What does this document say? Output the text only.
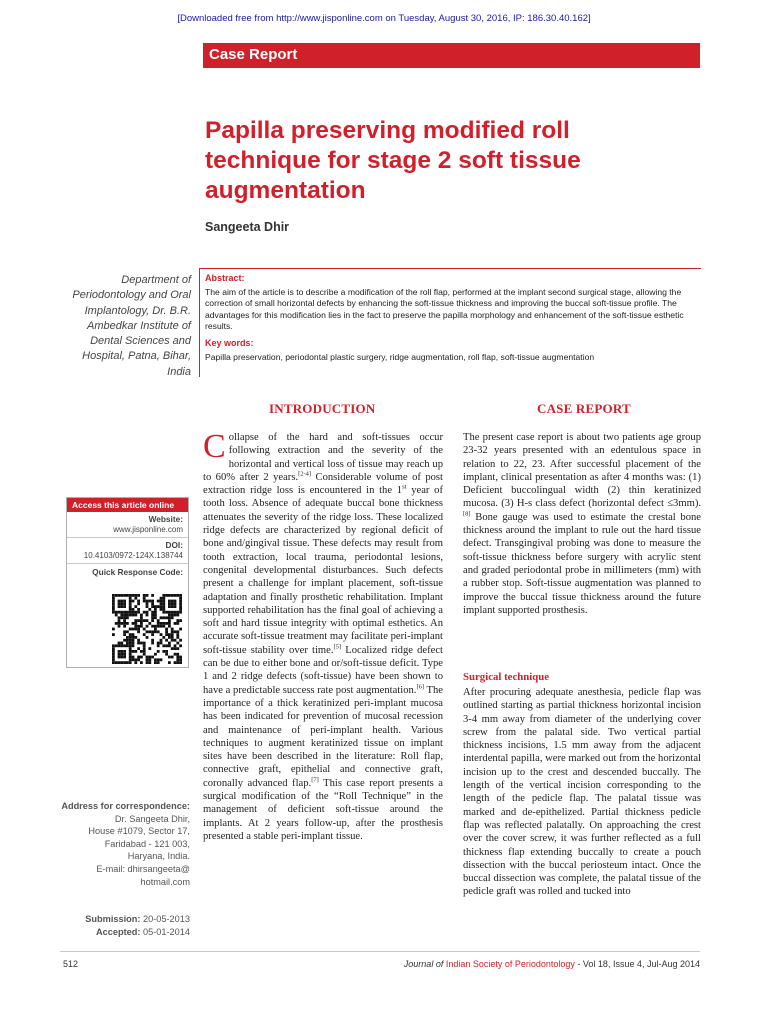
[Downloaded free from http://www.jisponline.com on Tuesday, August 30, 2016, IP: 186.30.40.162]
Case Report
Papilla preserving modified roll technique for stage 2 soft tissue augmentation
Sangeeta Dhir
Department of Periodontology and Oral Implantology, Dr. B.R. Ambedkar Institute of Dental Sciences and Hospital, Patna, Bihar, India
Abstract:
The aim of the article is to describe a modification of the roll flap, performed at the implant second surgical stage, allowing the correction of small horizontal defects by enhancing the soft-tissue thickness and improving the buccal soft-tissue profile. The advantages for this modification lies in the fact to preserve the papilla morphology and enhancement of the soft-tissue esthetic results.
Key words:
Papilla preservation, periodontal plastic surgery, ridge augmentation, roll flap, soft-tissue augmentation
Access this article online
Website:
www.jisponline.com
DOI:
10.4103/0972-124X.138744
Quick Response Code:
Address for correspondence:
Dr. Sangeeta Dhir,
House #1079, Sector 17,
Faridabad - 121 003,
Haryana, India.
E-mail: dhirsangeeta@
hotmail.com
Submission: 20-05-2013
Accepted: 05-01-2014
INTRODUCTION
Collapse of the hard and soft-tissues occur following extraction and the severity of the horizontal and vertical loss of tissue may reach up to 60% after 2 years.[2-4] Considerable volume of post extraction ridge loss is encountered in the 1st year of tooth loss. Absence of adequate buccal bone thickness attenuates the severity of the ridge loss. These localized ridge defects are characterized by regional deficit of bone and/gingival tissue. These defects may result from tooth extraction, local trauma, periodontal lesions, congenital developmental disturbances. Such defects present a challenge for implant placement, soft-tissue adaptation and finally prosthetic rehabilitation. Implant supported rehabilitation has the final goal of achieving a soft and hard tissue integrity with optimal esthetics. An accurate soft-tissue treatment may facilitate peri-implant soft-tissue stability over time.[5] Localized ridge defect can be due to either bone and or/soft-tissue deficit. Type 1 and 2 ridge defects (soft-tissue) have been shown to have a predictable success rate post augmentation.[6] The importance of a thick keratinized peri-implant mucosa has been indicated for prevention of mucosal recession and maintenance of peri-implant health. Various techniques to augment keratinized tissue on implant sites have been described in the literature: Roll flap, connective graft, epithelial and connective graft, coronally advanced flap.[7] This case report presents a surgical modification of the “Roll Technique” in the management of deficient soft-tissue around the implants. At 2 years follow-up, after the prosthesis presented a stable peri-implant tissue.
CASE REPORT
The present case report is about two patients age group 23-32 years presented with an edentulous space in relation to 22, 23. After successful placement of the implant, clinical presentation as after 4 months was: (1) Deficient buccolingual width (2) thin keratinized mucosa. (3) H-s class defect (horizontal defect ≤3mm).[8] Bone gauge was used to estimate the crestal bone thickness around the implant to rule out the hard tissue defect. Transgingival probing was done to measure the soft-tissue thickness before surgery with acrylic stent and graded periodontal probe in millimeters (mm) with a rubber stop. Soft-tissue augmentation was planned to improve the buccal tissue thickness around the future implant supported prosthesis.
Surgical technique
After procuring adequate anesthesia, pedicle flap was outlined starting as partial thickness horizontal incision 3-4 mm away from diameter of the underlying cover screw from the palatal side. Two vertical partial thickness incisions, 1.5 mm away from the adjacent interdental papilla, were marked out from the horizontal incision up to the crest and descended buccally. The length of the vertical incision corresponding to the length of the pedicle flap. The palatal tissue was marked and de-epithelized. Partial thickness pedicle flap was reflected palatally. On approaching the crest over the cover screw, it was further reflected as a full thickness flap extending buccally to create a pouch dissection with the buccal periosteum intact. Once the buccal dissection was complete, the palatal tissue of the pedicle graft was rolled and tucked into
512	Journal of Indian Society of Periodontology - Vol 18, Issue 4, Jul-Aug 2014
